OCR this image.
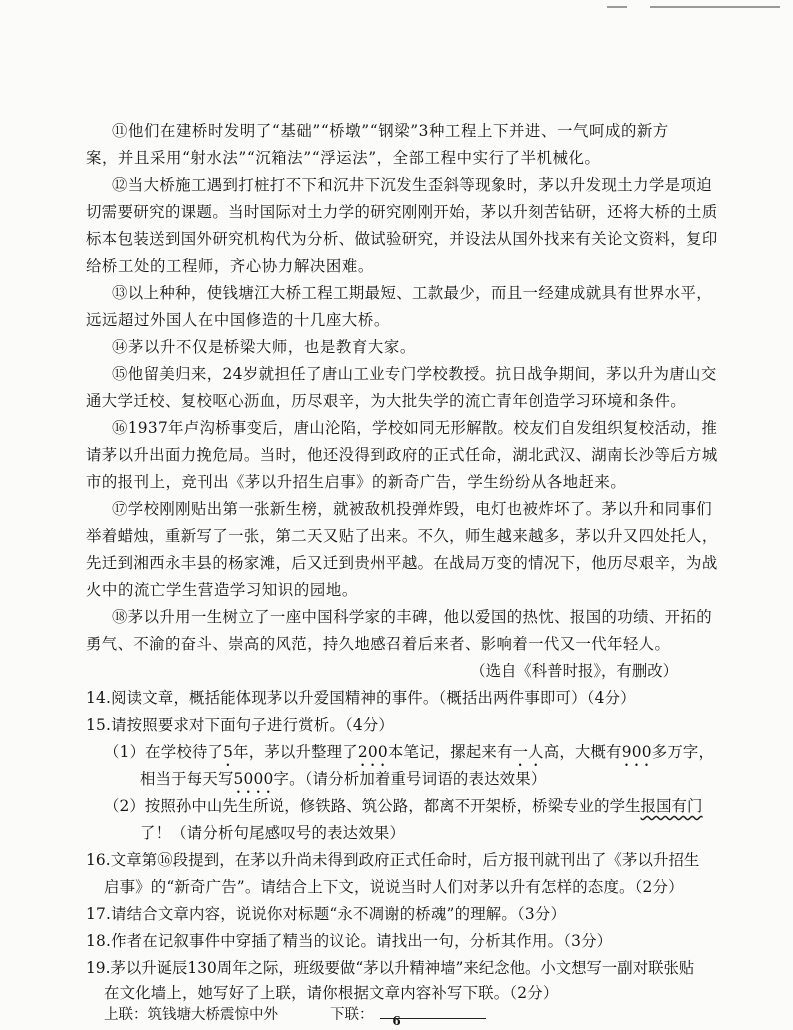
⑪他们在建桥时发明了“基础”“桥墩”“钢梁”3种工程上下并进、一气呵成的新方
案，并且采用“射水法”“沉箱法”“浮运法”，全部工程中实行了半机械化。
⑫当大桥施工遇到打桩打不下和沉井下沉发生歪斜等现象时，茅以升发现土力学是项迫
切需要研究的课题。当时国际对土力学的研究刚刚开始，茅以升刻苦钻研，还将大桥的土质
标本包装送到国外研究机构代为分析、做试验研究，并设法从国外找来有关论文资料，复印
给桥工处的工程师，齐心协力解决困难。
⑬以上种种，使钱塘江大桥工程工期最短、工款最少，而且一经建成就具有世界水平，
远远超过外国人在中国修造的十几座大桥。
⑭茅以升不仅是桥梁大师，也是教育大家。
⑮他留美归来，24岁就担任了唐山工业专门学校教授。抗日战争期间，茅以升为唐山交
通大学迁校、复校呕心沥血，历尽艰辛，为大批失学的流亡青年创造学习环境和条件。
⑯1937年卢沟桥事变后，唐山沦陷，学校如同无形解散。校友们自发组织复校活动，推
请茅以升出面力挽危局。当时，他还没得到政府的正式任命，湖北武汉、湖南长沙等后方城
市的报刊上，竞刊出《茅以升招生启事》的新奇广告，学生纷纷从各地赶来。
⑰学校刚刚贴出第一张新生榜，就被敌机投弹炸毁，电灯也被炸坏了。茅以升和同事们
举着蜡烛，重新写了一张，第二天又贴了出来。不久，师生越来越多，茅以升又四处托人，
先迁到湘西永丰县的杨家滩，后又迁到贵州平越。在战局万变的情况下，他历尽艰辛，为战
火中的流亡学生营造学习知识的园地。
⑱茅以升用一生树立了一座中国科学家的丰碑，他以爱国的热忱、报国的功绩、开拓的
勇气、不渝的奋斗、崇高的风范，持久地感召着后来者、影响着一代又一代年轻人。
（选自《科普时报》，有删改）
14.阅读文章，概括能体现茅以升爱国精神的事件。（概括出两件事即可）（4分）
15.请按照要求对下面句子进行赏析。（4分）
（1）在学校待了5年，茅以升整理了200本笔记，摞起来有一人高，大概有900多万字，
相当于每天写5000字。（请分析加着重号词语的表达效果）
（2）按照孙中山先生所说，修铁路、筑公路，都离不开架桥，桥梁专业的学生报国有门
了！（请分析句尾感叹号的表达效果）
16.文章第⑯段提到，在茅以升尚未得到政府正式任命时，后方报刊就刊出了《茅以升招生
启事》的“新奇广告”。请结合上下文，说说当时人们对茅以升有怎样的态度。（2分）
17.请结合文章内容，说说你对标题“永不凋谢的桥魂”的理解。（3分）
18.作者在记叙事件中穿插了精当的议论。请找出一句，分析其作用。（3分）
19.茅以升诞辰130周年之际，班级要做“茅以升精神墙”来纪念他。小文想写一副对联张贴
在文化墙上，她写好了上联，请你根据文章内容补写下联。（2分）
上联：筑钱塘大桥震惊中外	下联：	6
